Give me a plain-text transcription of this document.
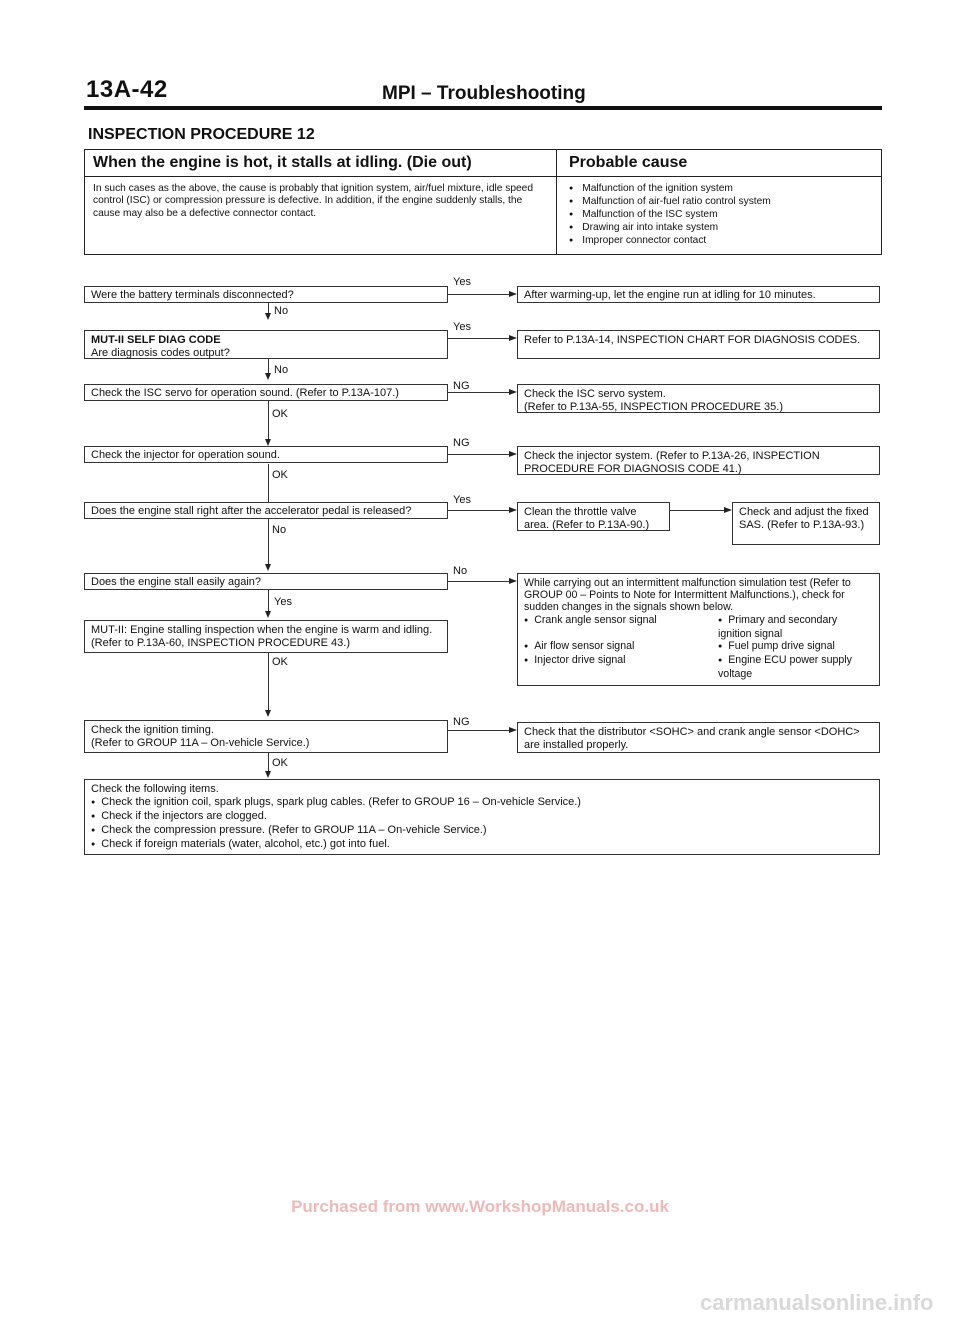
13A-42	MPI – Troubleshooting
INSPECTION PROCEDURE 12
When the engine is hot, it stalls at idling. (Die out)	Probable cause
In such cases as the above, the cause is probably that ignition system, air/fuel mixture, idle speed control (ISC) or compression pressure is defective. In addition, if the engine suddenly stalls, the cause may also be a defective connector contact.
● Malfunction of the ignition system
● Malfunction of air-fuel ratio control system
● Malfunction of the ISC system
● Drawing air into intake system
● Improper connector contact
Were the battery terminals disconnected?
Yes
After warming-up, let the engine run at idling for 10 minutes.
No
MUT-II SELF DIAG CODE
Are diagnosis codes output?
Yes
Refer to P.13A-14, INSPECTION CHART FOR DIAGNOSIS CODES.
No
Check the ISC servo for operation sound. (Refer to P.13A-107.)
NG
Check the ISC servo system.
(Refer to P.13A-55, INSPECTION PROCEDURE 35.)
OK
Check the injector for operation sound.
NG
Check the injector system. (Refer to P.13A-26, INSPECTION PROCEDURE FOR DIAGNOSIS CODE 41.)
OK
Does the engine stall right after the accelerator pedal is released?
Yes
Clean the throttle valve area. (Refer to P.13A-90.)
Check and adjust the fixed SAS. (Refer to P.13A-93.)
No
Does the engine stall easily again?
No
While carrying out an intermittent malfunction simulation test (Refer to GROUP 00 – Points to Note for Intermittent Malfunctions.), check for sudden changes in the signals shown below.
● Crank angle sensor signal	● Primary and secondary ignition signal
● Air flow sensor signal	● Fuel pump drive signal
● Injector drive signal	● Engine ECU power supply voltage
Yes
MUT-II: Engine stalling inspection when the engine is warm and idling. (Refer to P.13A-60, INSPECTION PROCEDURE 43.)
OK
Check the ignition timing.
(Refer to GROUP 11A – On-vehicle Service.)
NG
Check that the distributor <SOHC> and crank angle sensor <DOHC> are installed properly.
OK
Check the following items.
● Check the ignition coil, spark plugs, spark plug cables. (Refer to GROUP 16 – On-vehicle Service.)
● Check if the injectors are clogged.
● Check the compression pressure. (Refer to GROUP 11A – On-vehicle Service.)
● Check if foreign materials (water, alcohol, etc.) got into fuel.
Purchased from www.WorkshopManuals.co.uk
carmanualsonline.info
